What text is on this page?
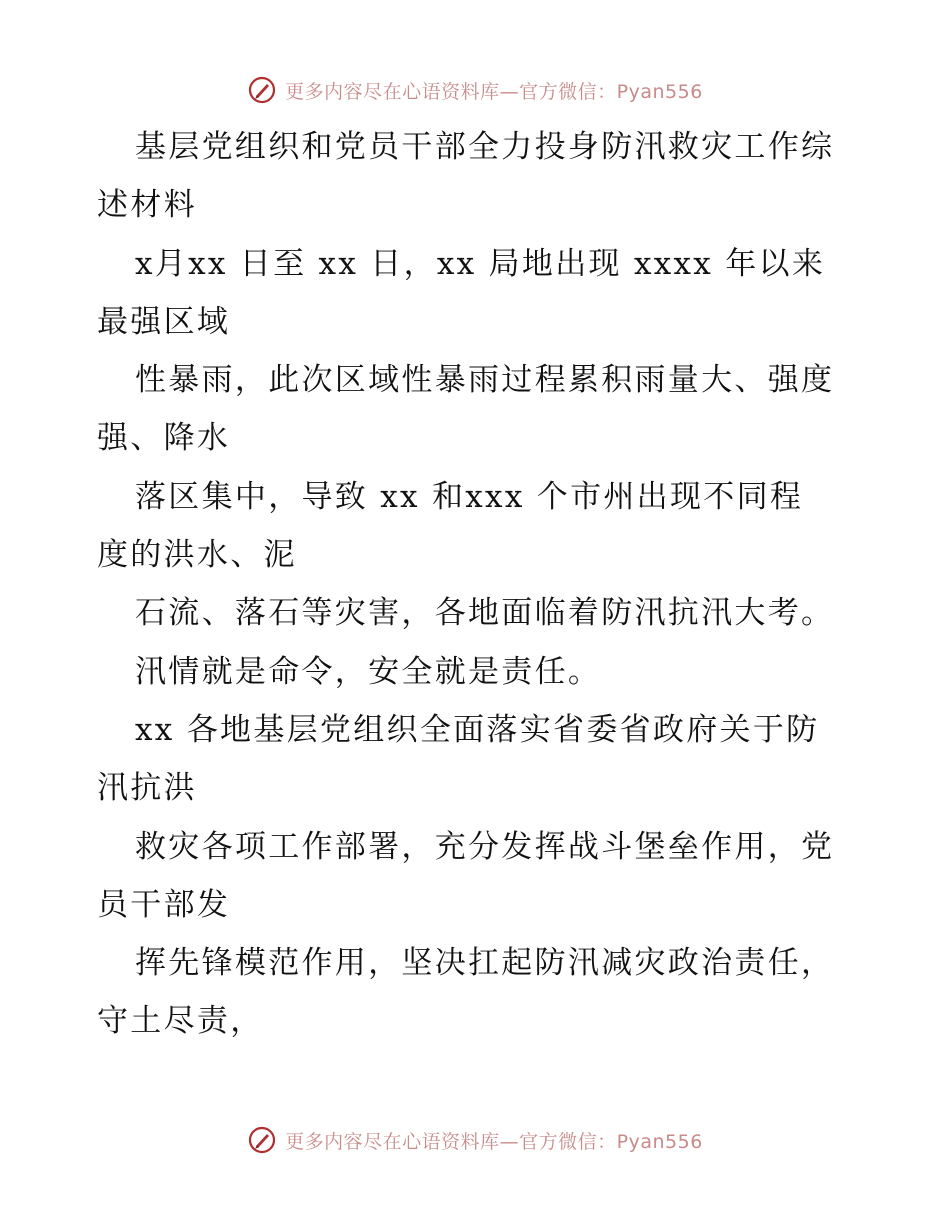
更多内容尽在心语资料库—官方微信：Pyan556
基层党组织和党员干部全力投身防汛救灾工作综
述材料
x月xx 日至 xx 日，xx 局地出现 xxxx 年以来
最强区域
性暴雨，此次区域性暴雨过程累积雨量大、强度
强、降水
落区集中，导致 xx 和xxx 个市州出现不同程
度的洪水、泥
石流、落石等灾害，各地面临着防汛抗汛大考。
汛情就是命令，安全就是责任。
xx 各地基层党组织全面落实省委省政府关于防
汛抗洪
救灾各项工作部署，充分发挥战斗堡垒作用，党
员干部发
挥先锋模范作用，坚决扛起防汛减灾政治责任，
守土尽责，
更多内容尽在心语资料库—官方微信：Pyan556
